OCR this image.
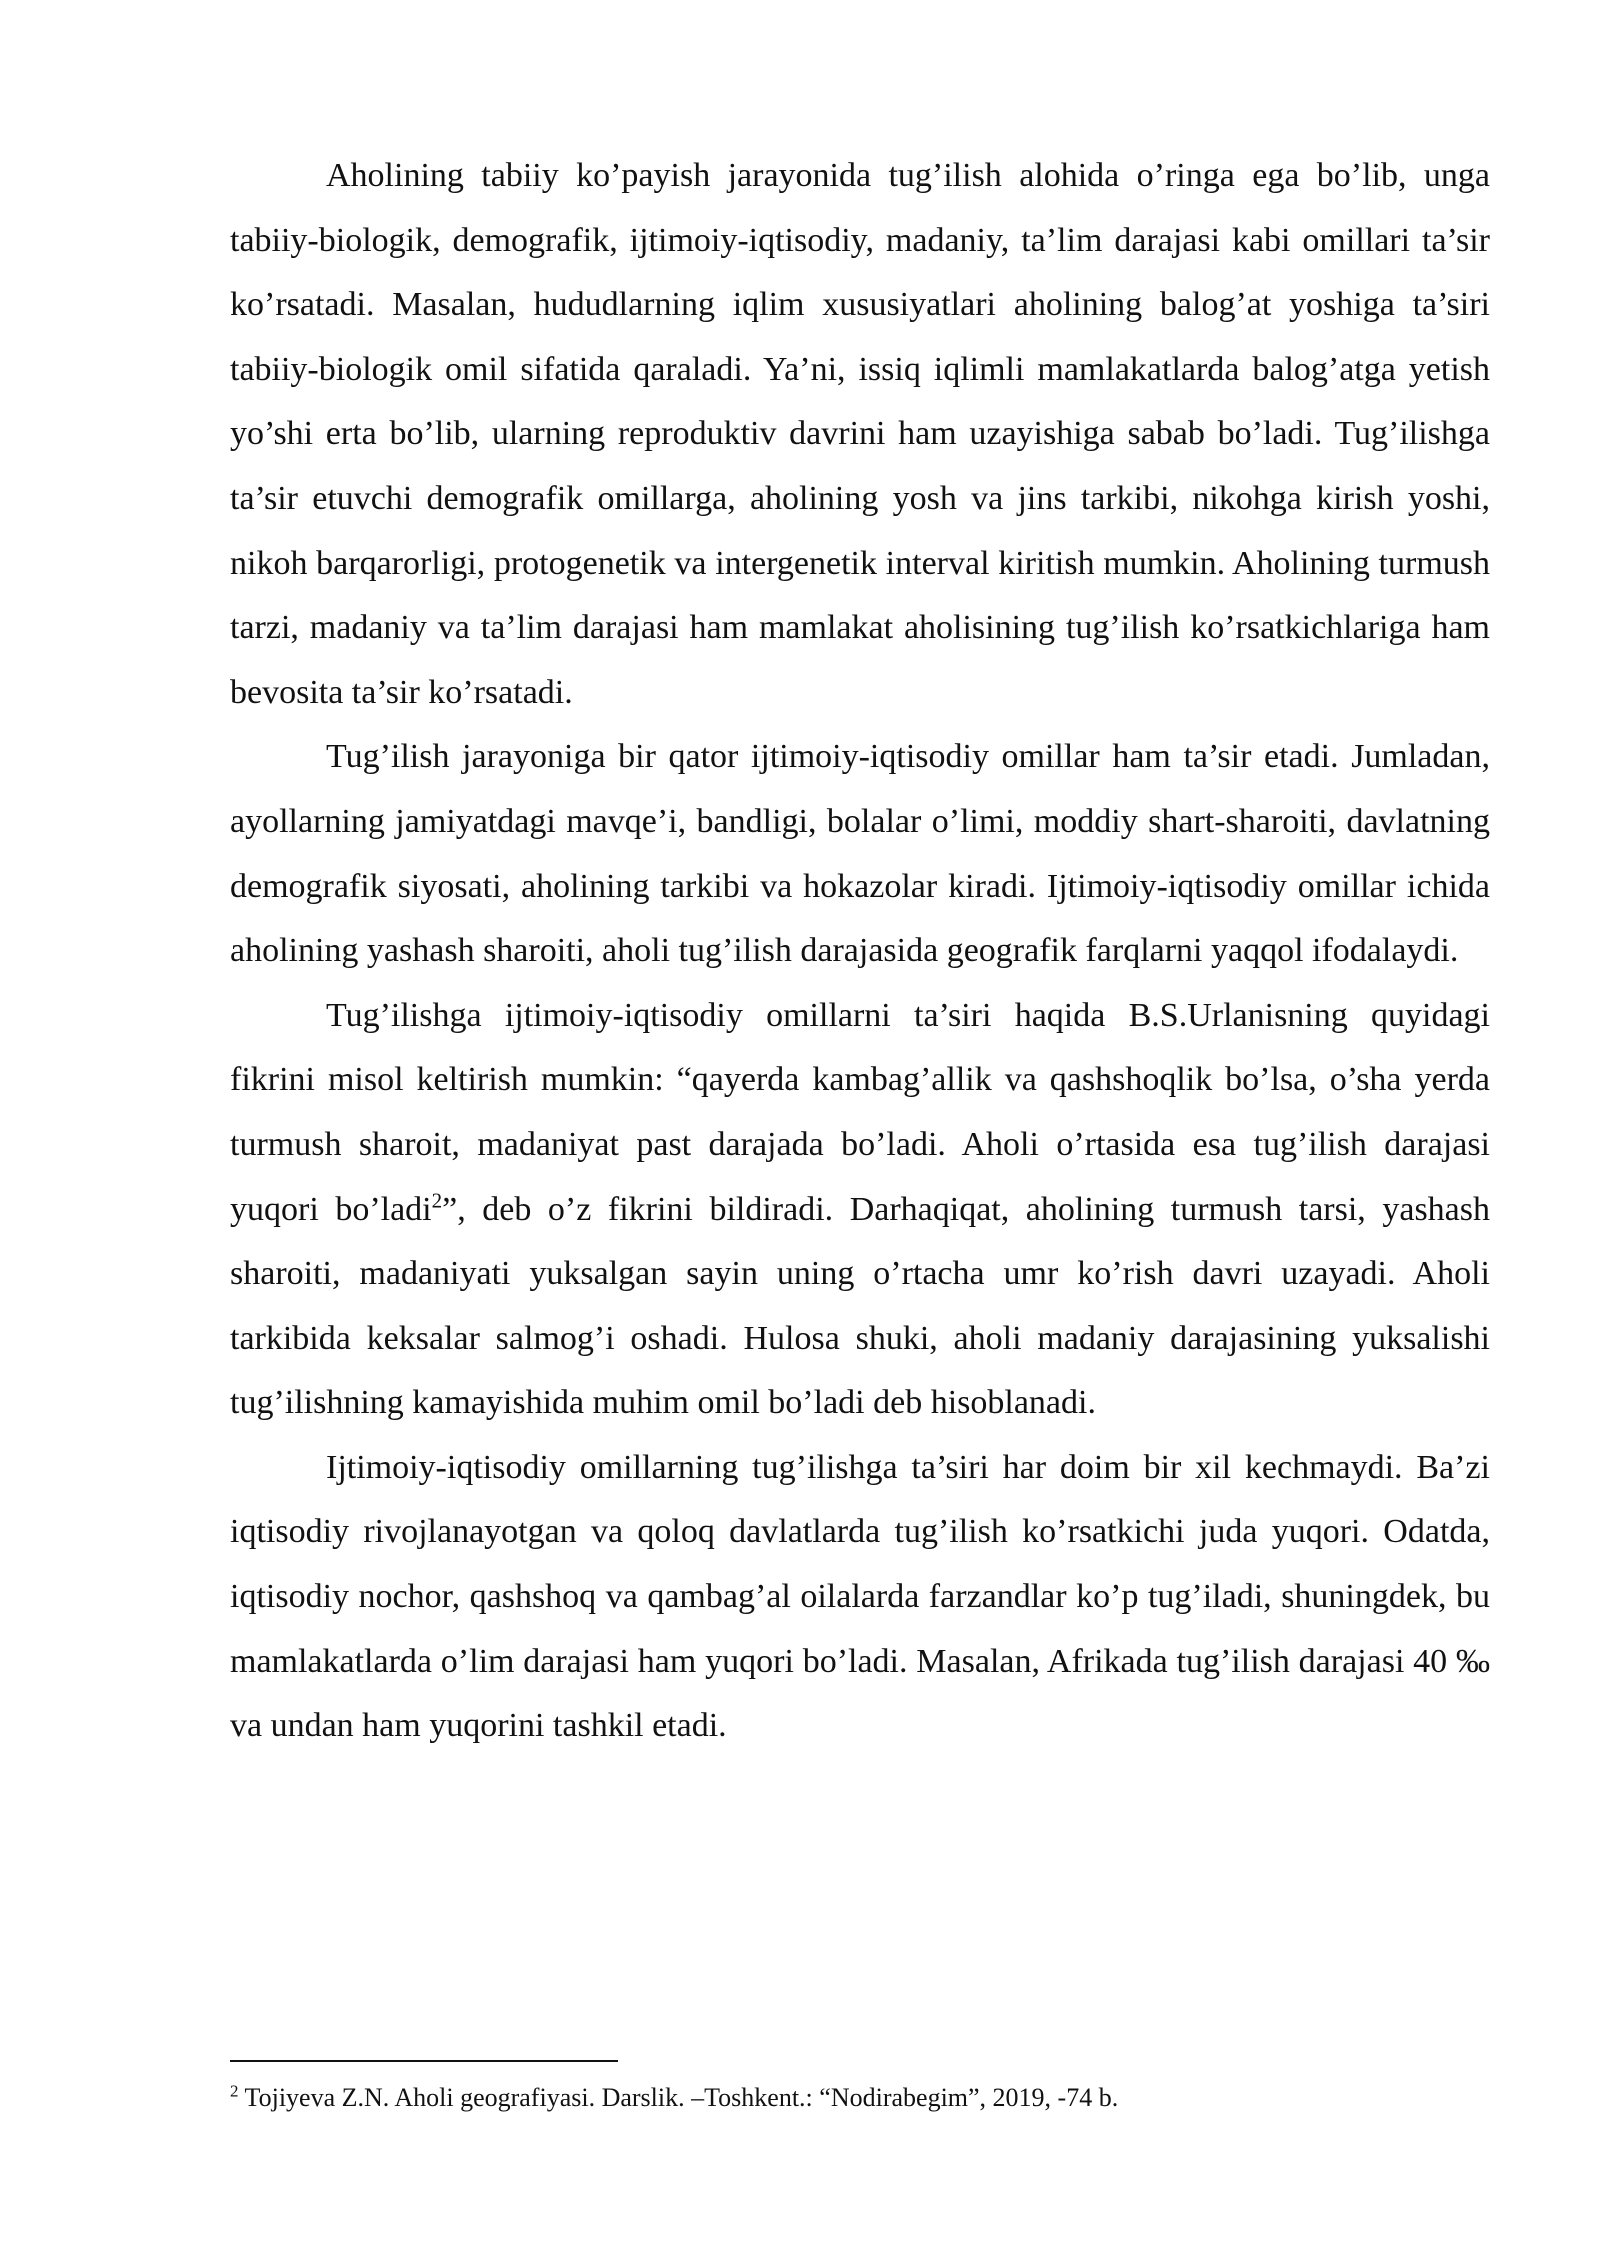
Aholining tabiiy ko’payish jarayonida tug’ilish alohida o’ringa ega bo’lib, unga tabiiy-biologik, demografik, ijtimoiy-iqtisodiy, madaniy, ta’lim darajasi kabi omillari ta’sir ko’rsatadi. Masalan, hududlarning iqlim xususiyatlari aholining balog’at yoshiga ta’siri tabiiy-biologik omil sifatida qaraladi. Ya’ni, issiq iqlimli mamlakatlarda balog’atga yetish yo’shi erta bo’lib, ularning reproduktiv davrini ham uzayishiga sabab bo’ladi. Tug’ilishga ta’sir etuvchi demografik omillarga, aholining yosh va jins tarkibi, nikohga kirish yoshi, nikoh barqarorligi, protogenetik va intergenetik interval kiritish mumkin. Aholining turmush tarzi, madaniy va ta’lim darajasi ham mamlakat aholisining tug’ilish ko’rsatkichlariga ham bevosita ta’sir ko’rsatadi.

Tug’ilish jarayoniga bir qator ijtimoiy-iqtisodiy omillar ham ta’sir etadi. Jumladan, ayollarning jamiyatdagi mavqe’i, bandligi, bolalar o’limi, moddiy shart-sharoiti, davlatning demografik siyosati, aholining tarkibi va hokazolar kiradi. Ijtimoiy-iqtisodiy omillar ichida aholining yashash sharoiti, aholi tug’ilish darajasida geografik farqlarni yaqqol ifodalaydi.

Tug’ilishga ijtimoiy-iqtisodiy omillarni ta’siri haqida B.S.Urlanisning quyidagi fikrini misol keltirish mumkin: “qayerda kambag’allik va qashshoqlik bo’lsa, o’sha yerda turmush sharoit, madaniyat past darajada bo’ladi. Aholi o’rtasida esa tug’ilish darajasi yuqori bo’ladi$^2$”, deb o’z fikrini bildiradi. Darhaqiqat, aholining turmush tarsi, yashash sharoiti, madaniyati yuksalgan sayin uning o’rtacha umr ko’rish davri uzayadi. Aholi tarkibida keksalar salmog’i oshadi. Hulosa shuki, aholi madaniy darajasining yuksalishi tug’ilishning kamayishida muhim omil bo’ladi deb hisoblanadi.

Ijtimoiy-iqtisodiy omillarning tug’ilishga ta’siri har doim bir xil kechmaydi. Ba’zi iqtisodiy rivojlanayotgan va qoloq davlatlarda tug’ilish ko’rsatkichi juda yuqori. Odatda, iqtisodiy nochor, qashshoq va qambag’al oilalarda farzandlar ko’p tug’iladi, shuningdek, bu mamlakatlarda o’lim darajasi ham yuqori bo’ladi. Masalan, Afrikada tug’ilish darajasi 40 ‰ va undan ham yuqorini tashkil etadi.

$^2$ Tojiyeva Z.N. Aholi geografiyasi. Darslik. –Toshkent.: “Nodirabegim”, 2019, -74 b.
